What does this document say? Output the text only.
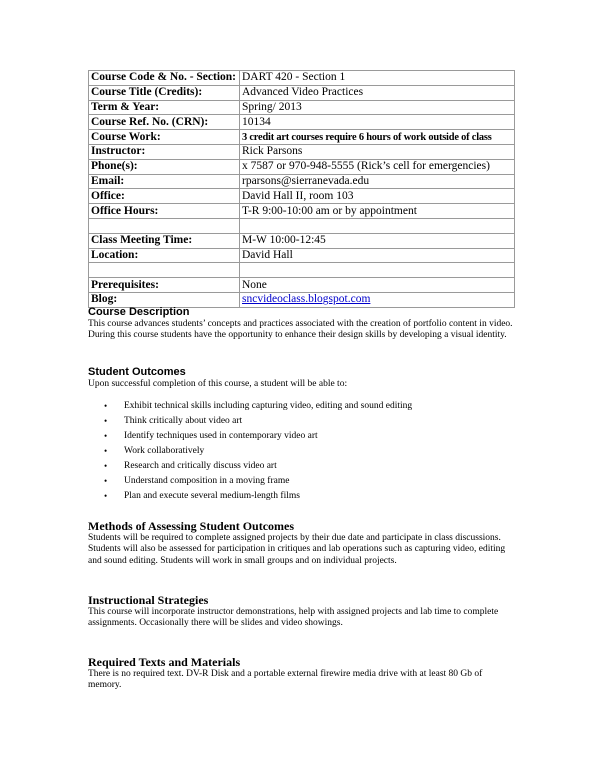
Course Code & No. - Section:	DART 420 - Section 1
Course Title (Credits):	Advanced Video Practices
Term & Year:	Spring/ 2013
Course Ref. No. (CRN):	10134
Course Work:	3 credit art courses require 6 hours of work outside of class
Instructor:	Rick Parsons
Phone(s):	x 7587 or 970-948-5555 (Rick’s cell for emergencies)
Email:	rparsons@sierranevada.edu
Office:	David Hall II, room 103
Office Hours:	T-R 9:00-10:00 am or by appointment

Class Meeting Time:	M-W 10:00-12:45
Location:	David Hall

Prerequisites:	None
Blog:	sncvideoclass.blogspot.com

Course Description

This course advances students’ concepts and practices associated with the creation of portfolio content in video. During this course students have the opportunity to enhance their design skills by developing a visual identity.

Student Outcomes

Upon successful completion of this course, a student will be able to:

• Exhibit technical skills including capturing video, editing and sound editing
• Think critically about video art
• Identify techniques used in contemporary video art
• Work collaboratively
• Research and critically discuss video art
• Understand composition in a moving frame
• Plan and execute several medium-length films

Methods of Assessing Student Outcomes

Students will be required to complete assigned projects by their due date and participate in class discussions. Students will also be assessed for participation in critiques and lab operations such as capturing video, editing and sound editing. Students will work in small groups and on individual projects.

Instructional Strategies

This course will incorporate instructor demonstrations, help with assigned projects and lab time to complete assignments. Occasionally there will be slides and video showings.

Required Texts and Materials

There is no required text. DV-R Disk and a portable external firewire media drive with at least 80 Gb of memory.
